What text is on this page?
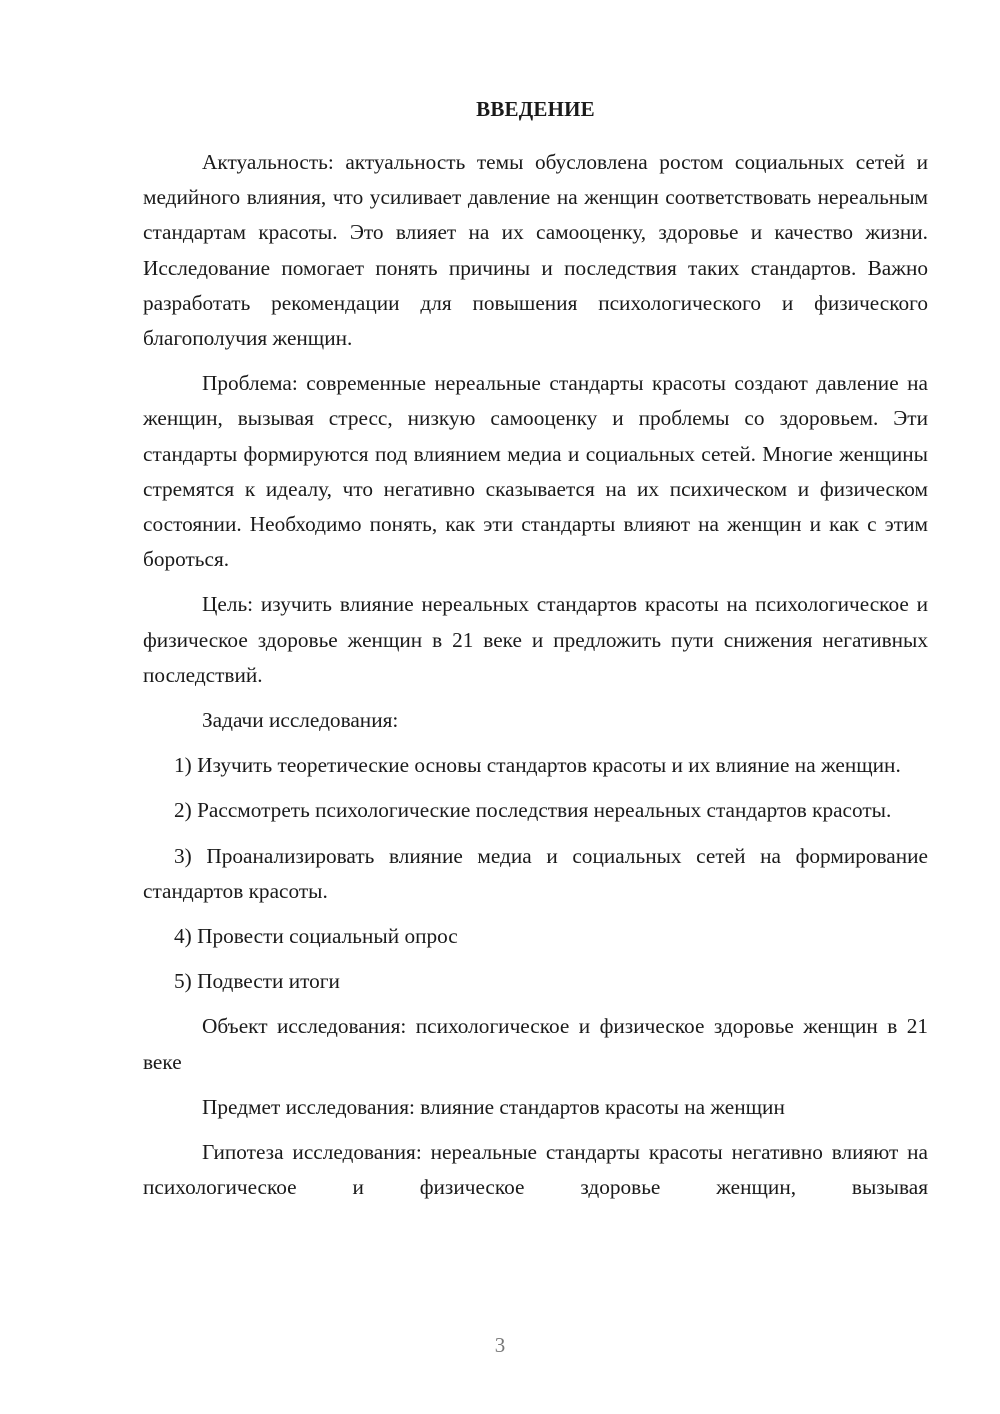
ВВЕДЕНИЕ

Актуальность: актуальность темы обусловлена ростом социальных сетей и медийного влияния, что усиливает давление на женщин соответствовать нереальным стандартам красоты. Это влияет на их самооценку, здоровье и качество жизни. Исследование помогает понять причины и последствия таких стандартов. Важно разработать рекомендации для повышения психологического и физического благополучия женщин.

Проблема: современные нереальные стандарты красоты создают давление на женщин, вызывая стресс, низкую самооценку и проблемы со здоровьем. Эти стандарты формируются под влиянием медиа и социальных сетей. Многие женщины стремятся к идеалу, что негативно сказывается на их психическом и физическом состоянии. Необходимо понять, как эти стандарты влияют на женщин и как с этим бороться.

Цель: изучить влияние нереальных стандартов красоты на психологическое и физическое здоровье женщин в 21 веке и предложить пути снижения негативных последствий.

Задачи исследования:

1) Изучить теоретические основы стандартов красоты и их влияние на женщин.

2) Рассмотреть психологические последствия нереальных стандартов красоты.

3) Проанализировать влияние медиа и социальных сетей на формирование стандартов красоты.

4) Провести социальный опрос

5) Подвести итоги

Объект исследования: психологическое и физическое здоровье женщин в 21 веке

Предмет исследования: влияние стандартов красоты на женщин

Гипотеза исследования: нереальные стандарты красоты негативно влияют на психологическое и физическое здоровье женщин, вызывая

3
